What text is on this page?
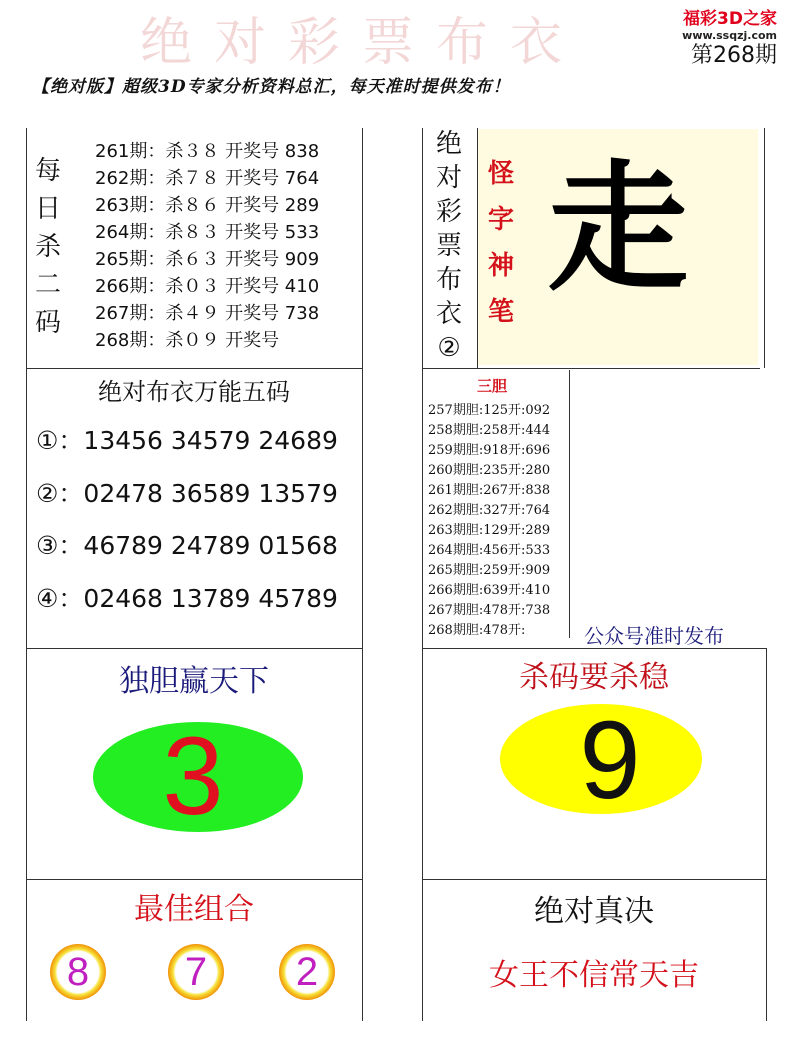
绝对彩票布衣	福彩3D之家
www.ssqzj.com
第268期
【绝对版】超级3D专家分析资料总汇，每天准时提供发布！
每
日
杀
二
码
261期：杀３８ 开奖号 838
262期：杀７８ 开奖号 764
263期：杀８６ 开奖号 289
264期：杀８３ 开奖号 533
265期：杀６３ 开奖号 909
266期：杀０３ 开奖号 410
267期：杀４９ 开奖号 738
268期：杀０９ 开奖号
绝
对
彩
票
布
衣
②
怪
字
神
笔
走
绝对布衣万能五码
①：13456 34579 24689
②：02478 36589 13579
③：46789 24789 01568
④：02468 13789 45789
三胆
257期胆:125开:092
258期胆:258开:444
259期胆:918开:696
260期胆:235开:280
261期胆:267开:838
262期胆:327开:764
263期胆:129开:289
264期胆:456开:533
265期胆:259开:909
266期胆:639开:410
267期胆:478开:738
268期胆:478开:	公众号准时发布
独胆赢天下
3
杀码要杀稳
9
最佳组合
8	7	2
绝对真决
女王不信常天吉
